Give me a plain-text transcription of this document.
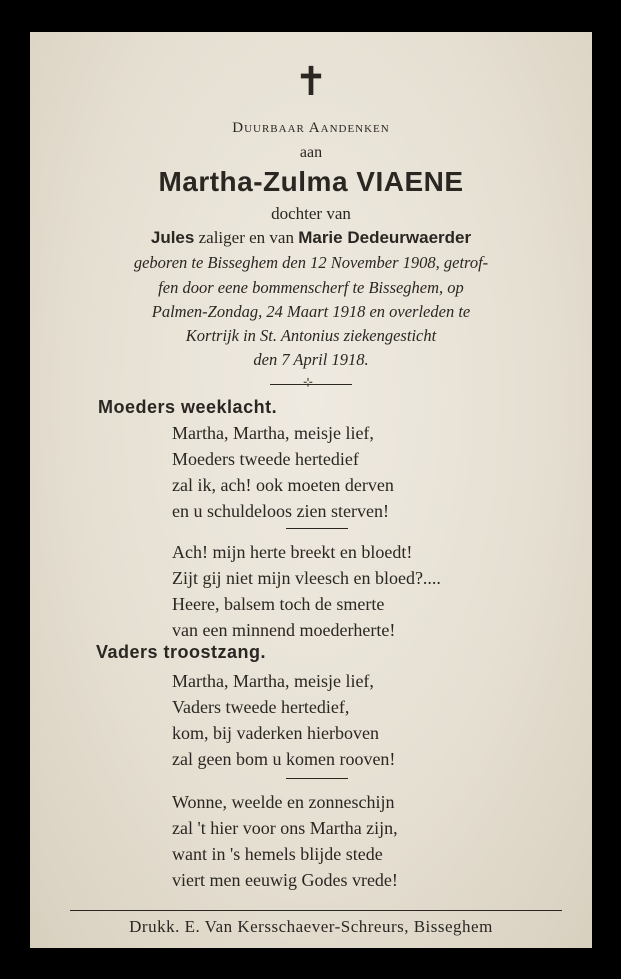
✝
Duurbaar Aandenken
aan
Martha-Zulma VIAENE
dochter van
Jules zaliger en van Marie Dedeurwaerder
geboren te Bisseghem den 12 November 1908, getrof-
fen door eene bommenscherf te Bisseghem, op
Palmen-Zondag, 24 Maart 1918 en overleden te
Kortrijk in St. Antonius ziekengesticht
den 7 April 1918.
⊹
Moeders weeklacht.
Martha, Martha, meisje lief,
Moeders tweede hertedief
zal ik, ach! ook moeten derven
en u schuldeloos zien sterven!
Ach! mijn herte breekt en bloedt!
Zijt gij niet mijn vleesch en bloed?....
Heere, balsem toch de smerte
van een minnend moederherte!
Vaders troostzang.
Martha, Martha, meisje lief,
Vaders tweede hertedief,
kom, bij vaderken hierboven
zal geen bom u komen rooven!
Wonne, weelde en zonneschijn
zal 't hier voor ons Martha zijn,
want in 's hemels blijde stede
viert men eeuwig Godes vrede!
Drukk. E. Van Kersschaever-Schreurs, Bisseghem
